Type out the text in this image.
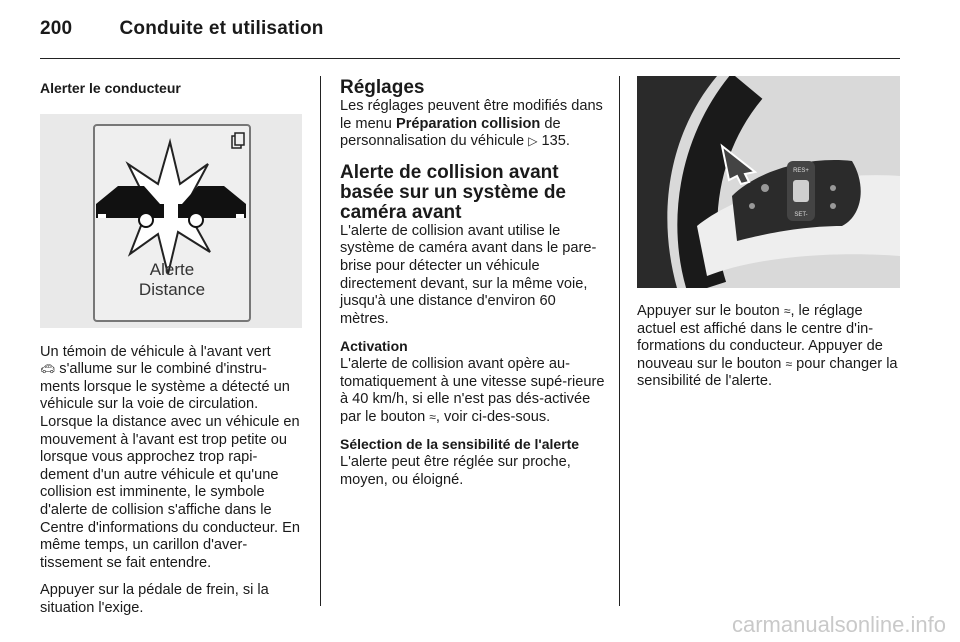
200 Conduite et utilisation

Alerter le conducteur

Alerte
Distance

Un témoin de véhicule à l'avant vert
🚗︎ s'allume sur le combiné d'instru-ments lorsque le système a détecté un véhicule sur la voie de circulation. Lorsque la distance avec un véhicule en mouvement à l'avant est trop petite ou lorsque vous approchez trop rapi-dement d'un autre véhicule et qu'une collision est imminente, le symbole d'alerte de collision s'affiche dans le Centre d'informations du conducteur. En même temps, un carillon d'aver-tissement se fait entendre.

Appuyer sur la pédale de frein, si la situation l'exige.

Réglages

Les réglages peuvent être modifiés dans le menu Préparation collision de personnalisation du véhicule ▷ 135.

Alerte de collision avant basée sur un système de caméra avant

L'alerte de collision avant utilise le système de caméra avant dans le pare-brise pour détecter un véhicule directement devant, sur la même voie, jusqu'à une distance d'environ 60 mètres.

Activation

L'alerte de collision avant opère au-tomatiquement à une vitesse supé-rieure à 40 km/h, si elle n'est pas dés-activée par le bouton ≈, voir ci-des-sous.

Sélection de la sensibilité de l'alerte

L'alerte peut être réglée sur proche, moyen, ou éloigné.

RES+
SET-

Appuyer sur le bouton ≈, le réglage actuel est affiché dans le centre d'in-formations du conducteur. Appuyer de nouveau sur le bouton ≈ pour changer la sensibilité de l'alerte.

carmanualsonline.info
